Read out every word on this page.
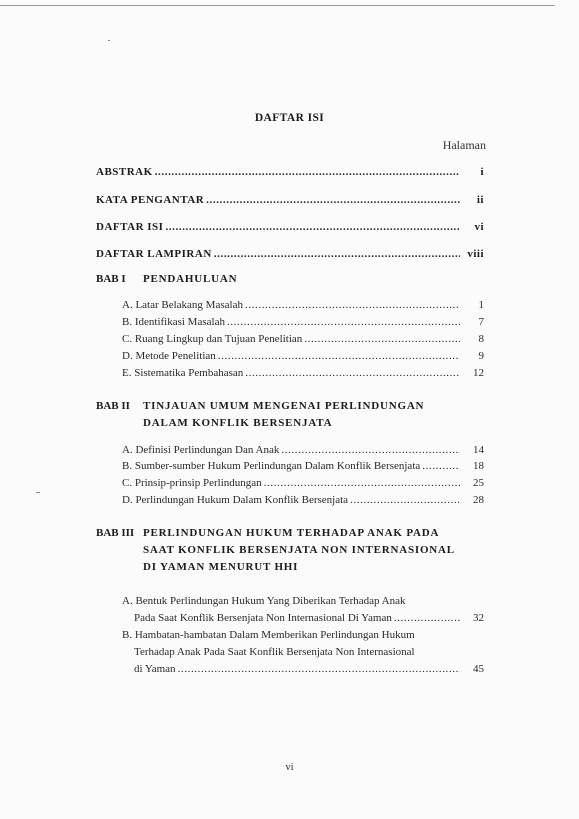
DAFTAR ISI
Halaman
ABSTRAK .....	i
KATA PENGANTAR .....	ii
DAFTAR ISI .....	vi
DAFTAR LAMPIRAN .....	viii
BAB I PENDAHULUAN
A. Latar Belakang Masalah .....	1
B. Identifikasi Masalah .....	7
C. Ruang Lingkup dan Tujuan Penelitian .....	8
D. Metode Penelitian .....	9
E. Sistematika Pembahasan .....	12
BAB II TINJAUAN UMUM MENGENAI PERLINDUNGAN
DALAM KONFLIK BERSENJATA
A. Definisi Perlindungan Dan Anak .....	14
B. Sumber-sumber Hukum Perlindungan Dalam Konflik Bersenjata .....	18
C. Prinsip-prinsip Perlindungan .....	25
D. Perlindungan Hukum Dalam Konflik Bersenjata .....	28
BAB III PERLINDUNGAN HUKUM TERHADAP ANAK PADA
SAAT KONFLIK BERSENJATA NON INTERNASIONAL
DI YAMAN MENURUT HHI
A. Bentuk Perlindungan Hukum Yang Diberikan Terhadap Anak
Pada Saat Konflik Bersenjata Non Internasional Di Yaman .....	32
B. Hambatan-hambatan Dalam Memberikan Perlindungan Hukum
Terhadap Anak Pada Saat Konflik Bersenjata Non Internasional
di Yaman .....	45
vi
